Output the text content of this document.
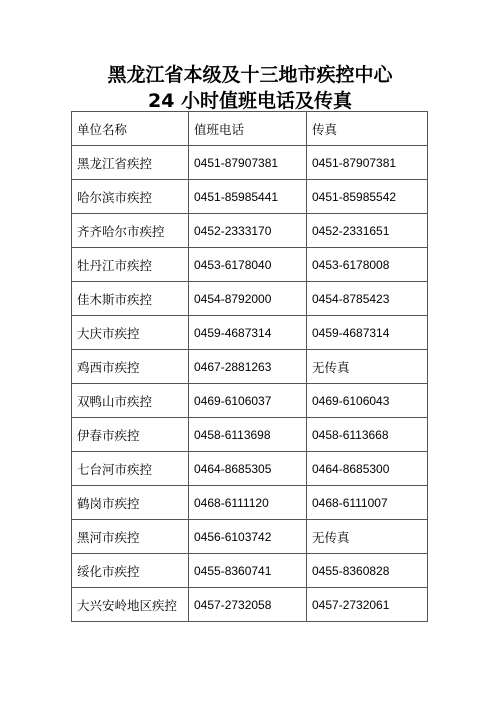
黑龙江省本级及十三地市疾控中心
24 小时值班电话及传真
单位名称	值班电话	传真
黑龙江省疾控	0451-87907381	0451-87907381
哈尔滨市疾控	0451-85985441	0451-85985542
齐齐哈尔市疾控	0452-2333170	0452-2331651
牡丹江市疾控	0453-6178040	0453-6178008
佳木斯市疾控	0454-8792000	0454-8785423
大庆市疾控	0459-4687314	0459-4687314
鸡西市疾控	0467-2881263	无传真
双鸭山市疾控	0469-6106037	0469-6106043
伊春市疾控	0458-6113698	0458-6113668
七台河市疾控	0464-8685305	0464-8685300
鹤岗市疾控	0468-6111120	0468-6111007
黑河市疾控	0456-6103742	无传真
绥化市疾控	0455-8360741	0455-8360828
大兴安岭地区疾控	0457-2732058	0457-2732061
